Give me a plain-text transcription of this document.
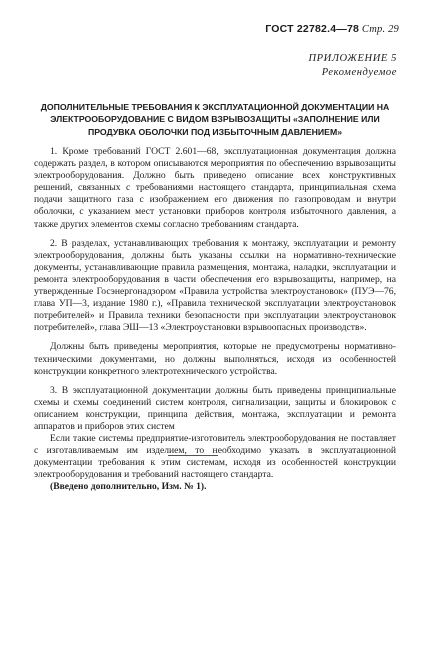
ГОСТ 22782.4—78 Стр. 29
ПРИЛОЖЕНИЕ 5
Рекомендуемое
ДОПОЛНИТЕЛЬНЫЕ ТРЕБОВАНИЯ К ЭКСПЛУАТАЦИОННОЙ ДОКУМЕНТАЦИИ НА ЭЛЕКТРООБОРУДОВАНИЕ С ВИДОМ ВЗРЫВОЗАЩИТЫ «ЗАПОЛНЕНИЕ ИЛИ ПРОДУВКА ОБОЛОЧКИ ПОД ИЗБЫТОЧНЫМ ДАВЛЕНИЕМ»

1. Кроме требований ГОСТ 2.601—68, эксплуатационная документация должна содержать раздел, в котором описываются мероприятия по обеспечению взрывозащиты электрооборудования. Должно быть приведено описание всех конструктивных решений, связанных с требованиями настоящего стандарта, принципиальная схема подачи защитного газа с изображением его движения по газопроводам и внутри оболочки, с указанием мест установки приборов контроля избыточного давления, а также других элементов схемы согласно требованиям стандарта.

2. В разделах, устанавливающих требования к монтажу, эксплуатации и ремонту электрооборудования, должны быть указаны ссылки на нормативно-технические документы, устанавливающие правила размещения, монтажа, наладки, эксплуатации и ремонта электрооборудования в части обеспечения его взрывозащиты, например, на утвержденные Госэнергонадзором «Правила устройства электроустановок» (ПУЭ—76, глава УП—3, издание 1980 г.), «Правила технической эксплуатации электроустановок потребителей» и Правила техники безопасности при эксплуатации электроустановок потребителей», глава ЭШ—13 «Электроустановки взрывоопасных производств».

Должны быть приведены мероприятия, которые не предусмотрены нормативно-техническими документами, но должны выполняться, исходя из особенностей конструкции конкретного электротехнического устройства.

3. В эксплуатационной документации должны быть приведены принципиальные схемы и схемы соединений систем контроля, сигнализации, защиты и блокировок с описанием конструкции, принципа действия, монтажа, эксплуатации и ремонта аппаратов и приборов этих систем

Если такие системы предприятие-изготовитель электрооборудования не поставляет с изготавливаемым им изделием, то необходимо указать в эксплуатационной документации требования к этим системам, исходя из особенностей конструкции электрооборудования и требований настоящего стандарта.

(Введено дополнительно, Изм. № 1).
